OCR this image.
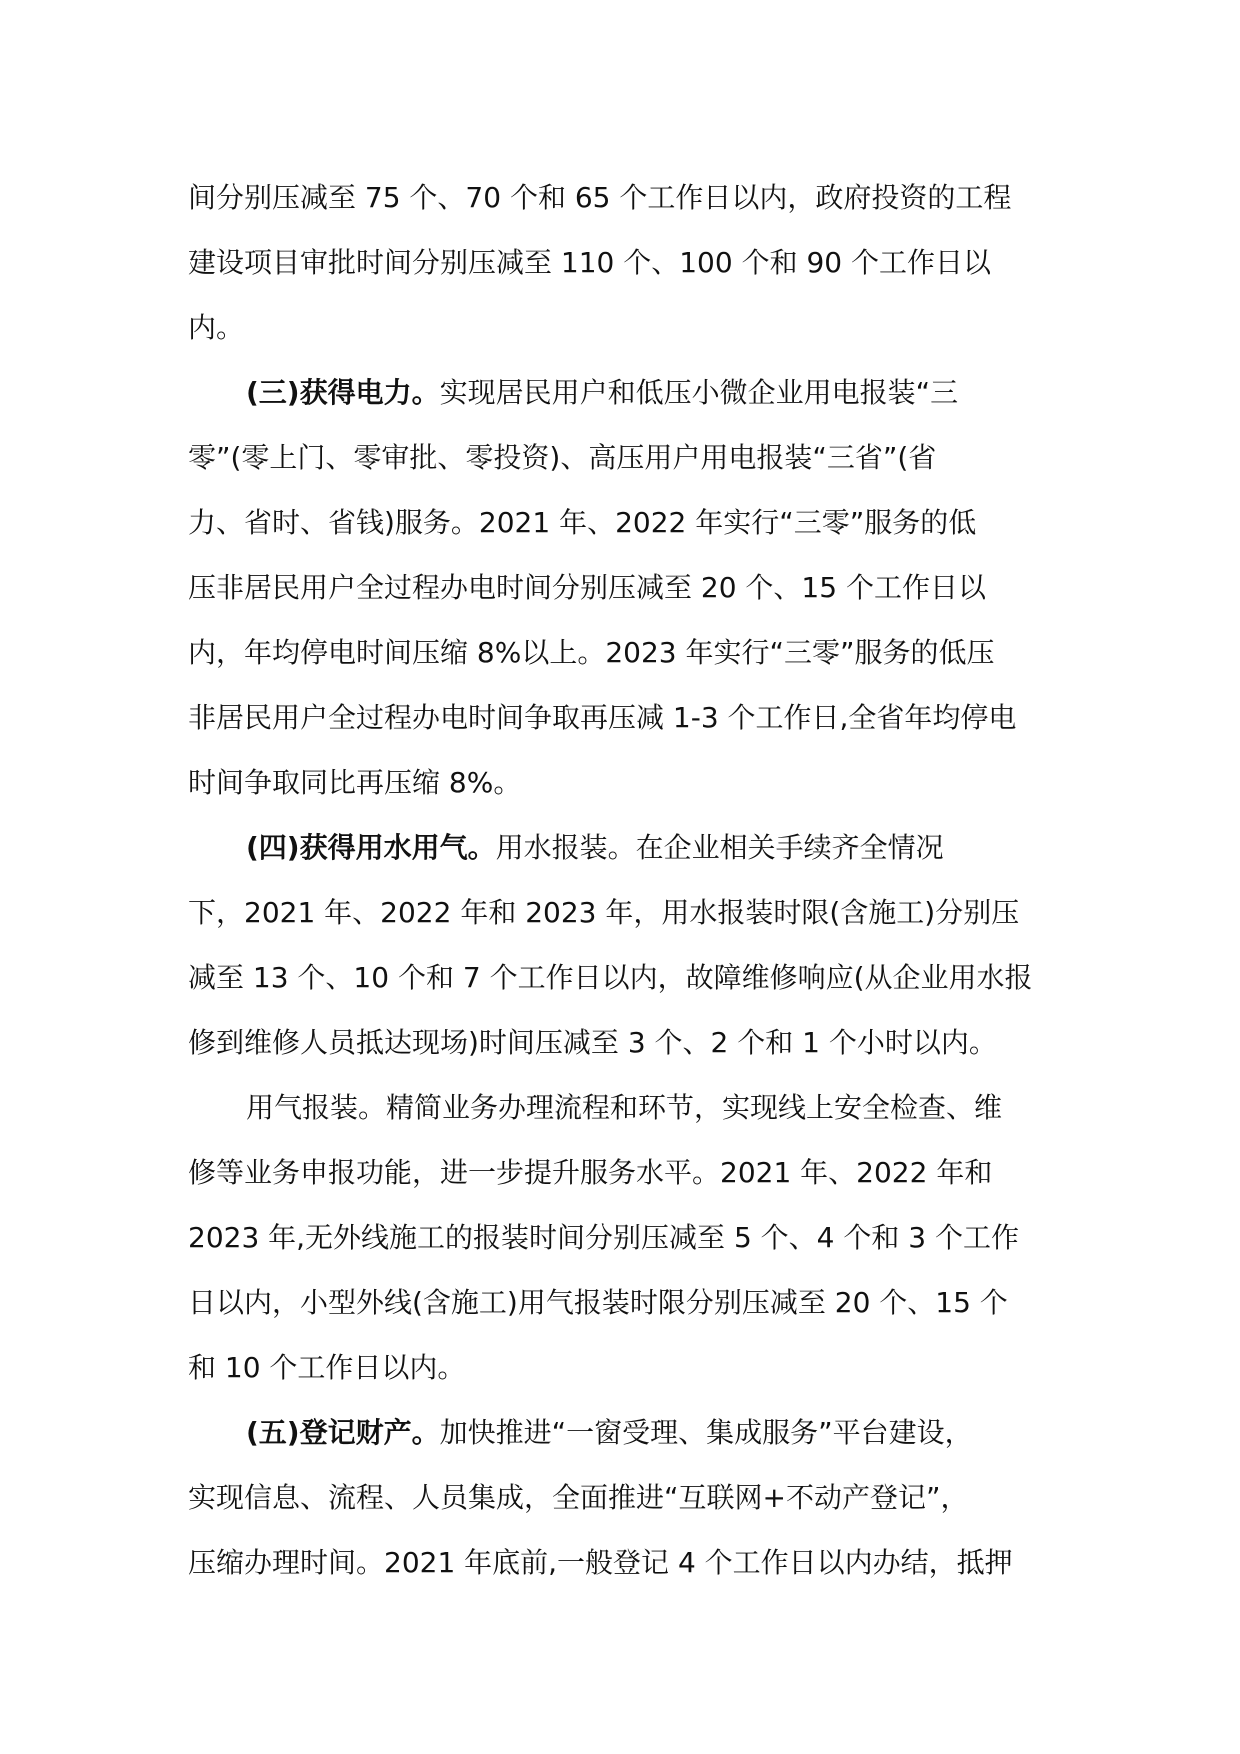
间分别压减至 75 个、70 个和 65 个工作日以内，政府投资的工程
建设项目审批时间分别压减至 110 个、100 个和 90 个工作日以
内。
(三)获得电力。实现居民用户和低压小微企业用电报装“三
零”(零上门、零审批、零投资)、高压用户用电报装“三省”(省
力、省时、省钱)服务。2021 年、2022 年实行“三零”服务的低
压非居民用户全过程办电时间分别压减至 20 个、15 个工作日以
内，年均停电时间压缩 8%以上。2023 年实行“三零”服务的低压
非居民用户全过程办电时间争取再压减 1-3 个工作日,全省年均停电
时间争取同比再压缩 8%。
(四)获得用水用气。用水报装。在企业相关手续齐全情况
下，2021 年、2022 年和 2023 年，用水报装时限(含施工)分别压
减至 13 个、10 个和 7 个工作日以内，故障维修响应(从企业用水报
修到维修人员抵达现场)时间压减至 3 个、2 个和 1 个小时以内。
用气报装。精简业务办理流程和环节，实现线上安全检查、维
修等业务申报功能，进一步提升服务水平。2021 年、2022 年和
2023 年,无外线施工的报装时间分别压减至 5 个、4 个和 3 个工作
日以内，小型外线(含施工)用气报装时限分别压减至 20 个、15 个
和 10 个工作日以内。
(五)登记财产。加快推进“一窗受理、集成服务”平台建设，
实现信息、流程、人员集成，全面推进“互联网+不动产登记”，
压缩办理时间。2021 年底前,一般登记 4 个工作日以内办结，抵押
